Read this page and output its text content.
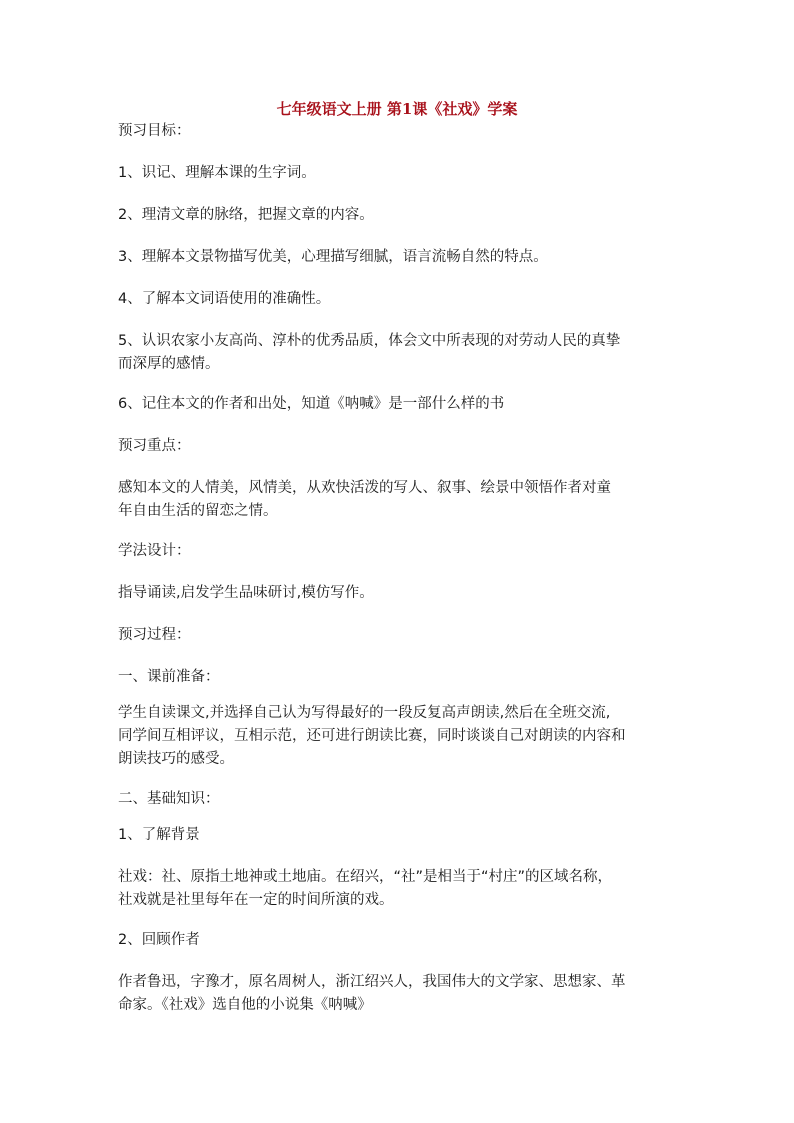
七年级语文上册 第1课《社戏》学案
预习目标：
1、识记、理解本课的生字词。
2、理清文章的脉络，把握文章的内容。
3、理解本文景物描写优美，心理描写细腻，语言流畅自然的特点。
4、了解本文词语使用的准确性。
5、认识农家小友高尚、淳朴的优秀品质，体会文中所表现的对劳动人民的真挚
而深厚的感情。
6、记住本文的作者和出处，知道《呐喊》是一部什么样的书
预习重点：
感知本文的人情美，风情美，从欢快活泼的写人、叙事、绘景中领悟作者对童
年自由生活的留恋之情。
学法设计：
指导诵读,启发学生品味研讨,模仿写作。
预习过程：
一、课前准备：
学生自读课文,并选择自己认为写得最好的一段反复高声朗读,然后在全班交流,
同学间互相评议，互相示范，还可进行朗读比赛，同时谈谈自己对朗读的内容和
朗读技巧的感受。
二、基础知识：
1、了解背景
社戏：社、原指土地神或土地庙。在绍兴，“社”是相当于“村庄”的区域名称，
社戏就是社里每年在一定的时间所演的戏。
2、回顾作者
作者鲁迅，字豫才，原名周树人，浙江绍兴人，我国伟大的文学家、思想家、革
命家。《社戏》选自他的小说集《呐喊》
